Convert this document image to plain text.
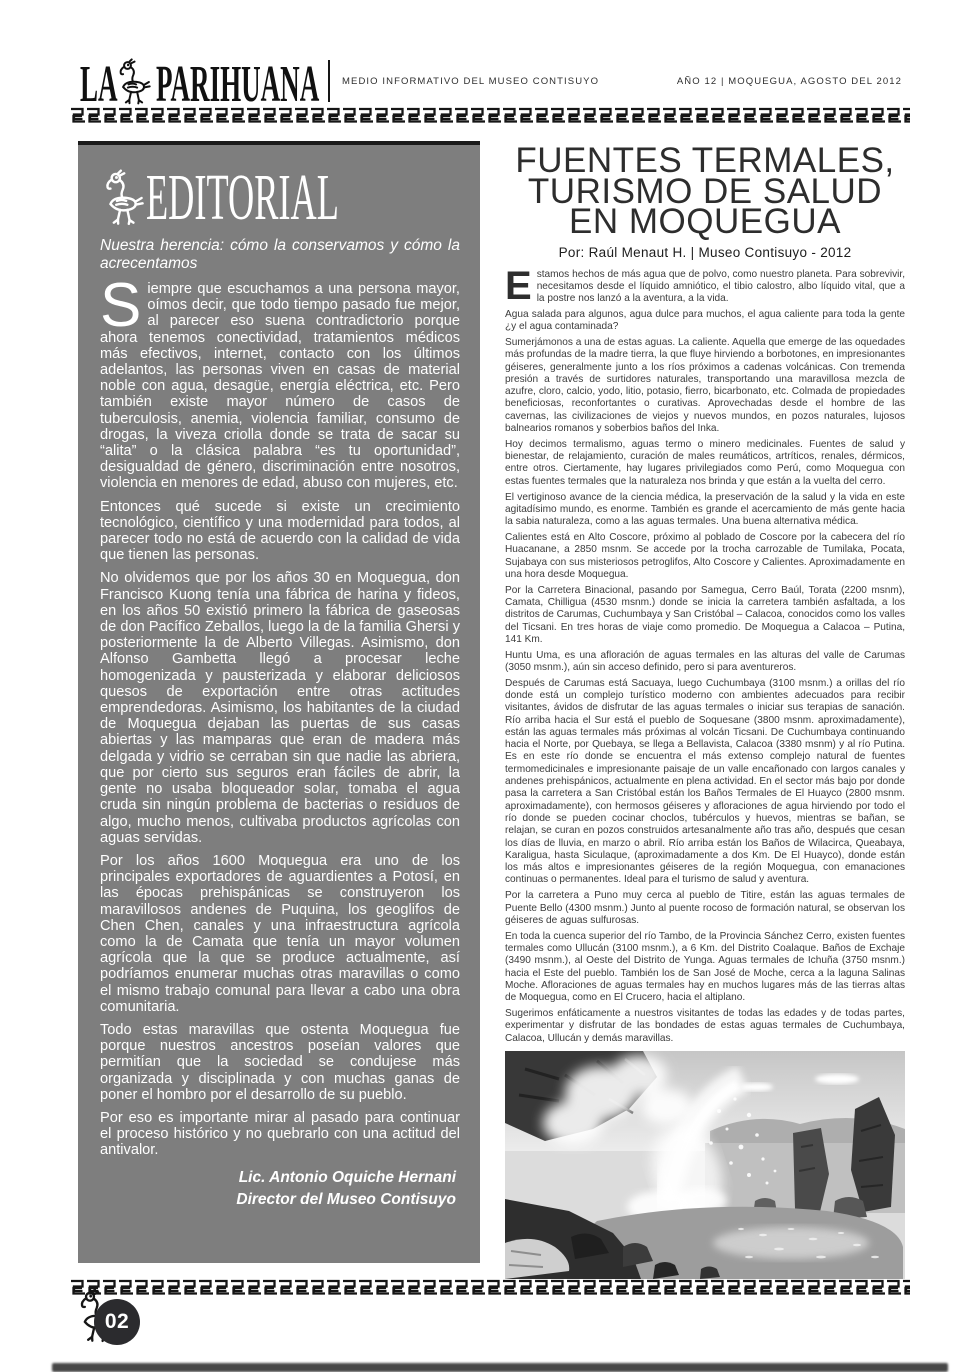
LA PARIHUANA MEDIO INFORMATIVO DEL MUSEO CONTISUYO	AÑO 12 | MOQUEGUA, AGOSTO DEL 2012
EDITORIAL
Nuestra herencia: cómo la conservamos y cómo la acrecentamos

Siempre que escuchamos a una persona mayor, oímos decir, que todo tiempo pasado fue mejor, al parecer eso suena contradictorio porque ahora tenemos conectividad, tratamientos médicos más efectivos, internet, contacto con los últimos adelantos, las personas viven en casas de material noble con agua, desagüe, energía eléctrica, etc. Pero también existe mayor número de casos de tuberculosis, anemia, violencia familiar, consumo de drogas, la viveza criolla donde se trata de sacar su “alita” o la clásica palabra “es tu oportunidad”, desigualdad de género, discriminación entre nosotros, violencia en menores de edad, abuso con mujeres, etc.

Entonces qué sucede si existe un crecimiento tecnológico, científico y una modernidad para todos, al parecer todo no está de acuerdo con la calidad de vida que tienen las personas.

No olvidemos que por los años 30 en Moquegua, don Francisco Kuong tenía una fábrica de harina y fideos, en los años 50 existió primero la fábrica de gaseosas de don Pacífico Zeballos, luego la de la familia Ghersi y posteriormente la de Alberto Villegas. Asimismo, don Alfonso Gambetta llegó a procesar leche homogenizada y pausterizada y elaborar deliciosos quesos de exportación entre otras actitudes emprendedoras. Asimismo, los habitantes de la ciudad de Moquegua dejaban las puertas de sus casas abiertas y las mamparas que eran de madera más delgada y vidrio se cerraban sin que nadie las abriera, que por cierto sus seguros eran fáciles de abrir, la gente no usaba bloqueador solar, tomaba el agua cruda sin ningún problema de bacterias o residuos de algo, mucho menos, cultivaba productos agrícolas con aguas servidas.

Por los años 1600 Moquegua era uno de los principales exportadores de aguardientes a Potosí, en las épocas prehispánicas se construyeron los maravillosos andenes de Puquina, los geoglifos de Chen Chen, canales y una infraestructura agrícola como la de Camata que tenía un mayor volumen agrícola que la que se produce actualmente, así podríamos enumerar muchas otras maravillas o como el mismo trabajo comunal para llevar a cabo una obra comunitaria.

Todo estas maravillas que ostenta Moquegua fue porque nuestros ancestros poseían valores que permitían que la sociedad se condujese más organizada y disciplinada y con muchas ganas de poner el hombro por el desarrollo de su pueblo.

Por eso es importante mirar al pasado para continuar el proceso histórico y no quebrarlo con una actitud del antivalor.

Lic. Antonio Oquiche Hernani
Director del Museo Contisuyo
FUENTES TERMALES,
TURISMO DE SALUD
EN MOQUEGUA
Por: Raúl Menaut H. | Museo Contisuyo - 2012

Estamos hechos de más agua que de polvo, como nuestro planeta. Para sobrevivir, necesitamos desde el líquido amniótico, el tibio calostro, albo líquido vital, que a la postre nos lanzó a la aventura, a la vida.

Agua salada para algunos, agua dulce para muchos, el agua caliente para toda la gente ¿y el agua contaminada?

Sumerjámonos a una de estas aguas. La caliente. Aquella que emerge de las oquedades más profundas de la madre tierra, la que fluye hirviendo a borbotones, en impresionantes géiseres, generalmente junto a los ríos próximos a cadenas volcánicas. Con tremenda presión a través de surtidores naturales, transportando una maravillosa mezcla de azufre, cloro, calcio, yodo, litio, potasio, fierro, bicarbonato, etc. Colmada de propiedades beneficiosas, reconfortantes o curativas. Aprovechadas desde el hombre de las cavernas, las civilizaciones de viejos y nuevos mundos, en pozos naturales, lujosos balnearios romanos y soberbios baños del Inka.

Hoy decimos termalismo, aguas termo o minero medicinales. Fuentes de salud y bienestar, de relajamiento, curación de males reumáticos, artríticos, renales, dérmicos, entre otros. Ciertamente, hay lugares privilegiados como Perú, como Moquegua con estas fuentes termales que la naturaleza nos brinda y que están a la vuelta del cerro.

El vertiginoso avance de la ciencia médica, la preservación de la salud y la vida en este agitadísimo mundo, es enorme. También es grande el acercamiento de más gente hacia la sabia naturaleza, como a las aguas termales. Una buena alternativa médica.

Calientes está en Alto Coscore, próximo al poblado de Coscore por la cabecera del río Huacanane, a 2850 msnm. Se accede por la trocha carrozable de Tumilaka, Pocata, Sujabaya con sus misteriosos petroglifos, Alto Coscore y Calientes. Aproximadamente en una hora desde Moquegua.

Por la Carretera Binacional, pasando por Samegua, Cerro Baúl, Torata (2200 msnm), Camata, Chilligua (4530 msnm.) donde se inicia la carretera también asfaltada, a los distritos de Carumas, Cuchumbaya y San Cristóbal – Calacoa, conocidos como los valles del Ticsani. En tres horas de viaje como promedio. De Moquegua a Calacoa – Putina, 141 Km.

Huntu Uma, es una afloración de aguas termales en las alturas del valle de Carumas (3050 msnm.), aún sin acceso definido, pero si para aventureros.

Después de Carumas está Sacuaya, luego Cuchumbaya (3100 msnm.) a orillas del río donde está un complejo turístico moderno con ambientes adecuados para recibir visitantes, ávidos de disfrutar de las aguas termales o iniciar sus terapias de sanación. Río arriba hacia el Sur está el pueblo de Soquesane (3800 msnm. aproximadamente), están las aguas termales más próximas al volcán Ticsani. De Cuchumbaya continuando hacia el Norte, por Quebaya, se llega a Bellavista, Calacoa (3380 msnm) y al río Putina. Es en este río donde se encuentra el más extenso complejo natural de fuentes termomedicinales e impresionante paisaje de un valle encañonado con largos canales y andenes prehispánicos, actualmente en plena actividad. En el sector más bajo por donde pasa la carretera a San Cristóbal están los Baños Termales de El Huayco (2800 msnm. aproximadamente), con hermosos géiseres y afloraciones de agua hirviendo por todo el río donde se pueden cocinar choclos, tubérculos y huevos, mientras se bañan, se relajan, se curan en pozos construidos artesanalmente año tras año, después que cesan los días de lluvia, en marzo o abril. Río arriba están los Baños de Wilacirca, Queabaya, Karaligua, hasta Siculaque, (aproximadamente a dos Km. De El Huayco), donde están los más altos e impresionantes géiseres de la región Moquegua, con emanaciones continuas o permanentes. Ideal para el turismo de salud y aventura.

Por la carretera a Puno muy cerca al pueblo de Titire, están las aguas termales de Puente Bello (4300 msnm.) Junto al puente rocoso de formación natural, se observan los géiseres de aguas sulfurosas.

En toda la cuenca superior del río Tambo, de la Provincia Sánchez Cerro, existen fuentes termales como Ullucán (3100 msnm.), a 6 Km. del Distrito Coalaque. Baños de Exchaje (3490 msnm.), al Oeste del Distrito de Yunga. Aguas termales de Ichuña (3750 msnm.) hacia el Este del pueblo. También los de San José de Moche, cerca a la laguna Salinas Moche. Afloraciones de aguas termales hay en muchos lugares más de las tierras altas de Moquegua, como en El Crucero, hacia el altiplano.

Sugerimos enfáticamente a nuestros visitantes de todas las edades y de todas partes, experimentar y disfrutar de las bondades de estas aguas termales de Cuchumbaya, Calacoa, Ullucán y demás maravillas.

02
